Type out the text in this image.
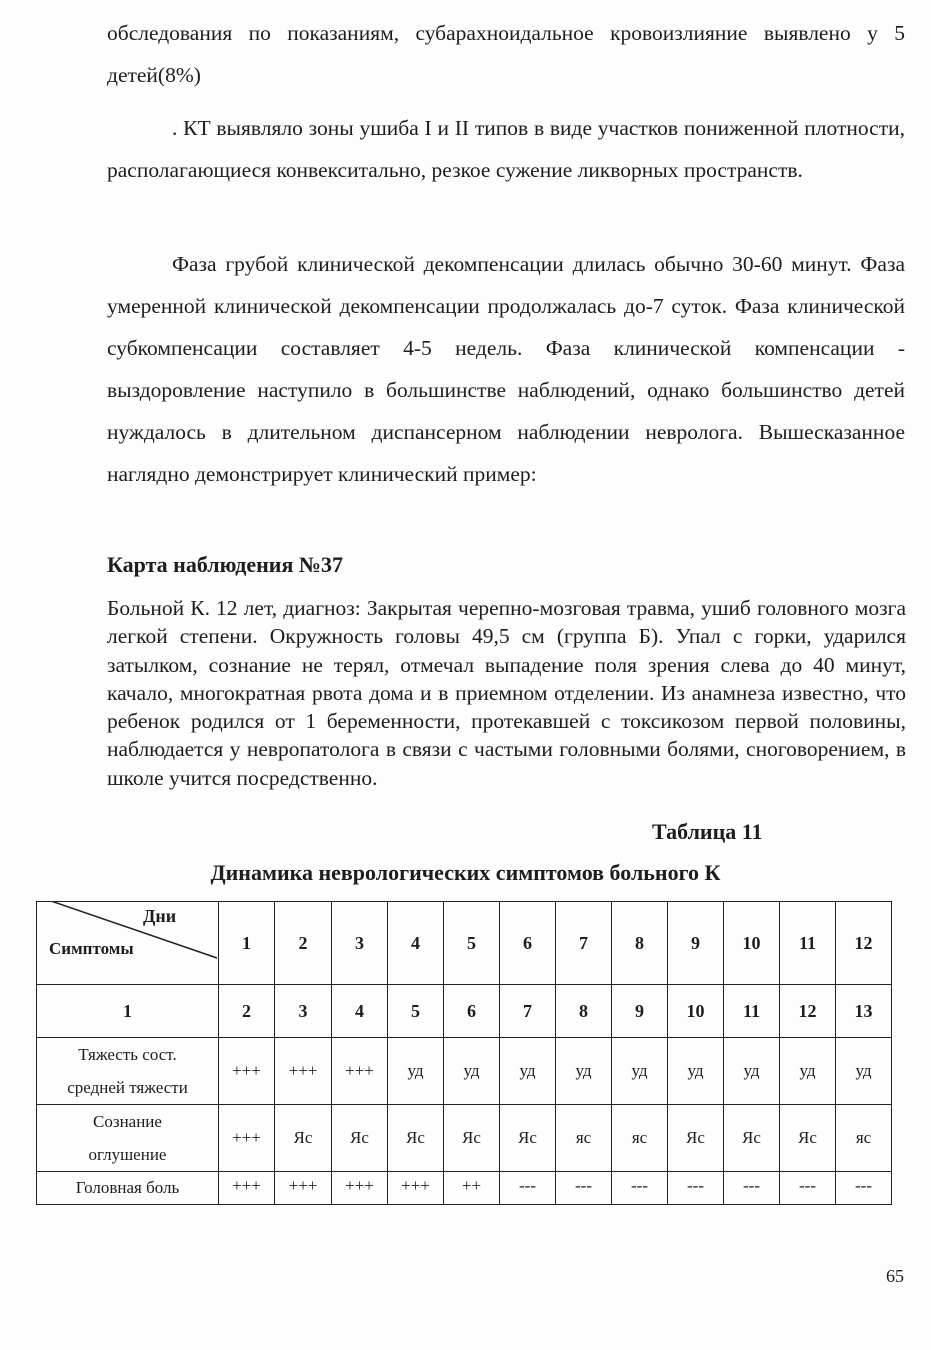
обследования по показаниям, субарахноидальное кровоизлияние выявлено у 5 детей(8%)

. КТ выявляло зоны ушиба I и II типов в виде участков пониженной плотности, располагающиеся конвекситально, резкое сужение ликворных пространств.

Фаза грубой клинической декомпенсации длилась обычно 30-60 минут. Фаза умеренной клинической декомпенсации продолжалась до-7 суток. Фаза клинической субкомпенсации составляет 4-5 недель. Фаза клинической компенсации - выздоровление наступило в большинстве наблюдений, однако большинство детей нуждалось в длительном диспансерном наблюдении невролога. Вышесказанное наглядно демонстрирует клинический пример:

Карта наблюдения №37

Больной К. 12 лет, диагноз: Закрытая черепно-мозговая травма, ушиб головного мозга легкой степени. Окружность головы 49,5 см (группа Б). Упал с горки, ударился затылком, сознание не терял, отмечал выпадение поля зрения слева до 40 минут, качало, многократная рвота дома и в приемном отделении. Из анамнеза известно, что ребенок родился от 1 беременности, протекавшей с токсикозом первой половины, наблюдается у невропатолога в связи с частыми головными болями, сноговорением, в школе учится посредственно.

Таблица 11
Динамика неврологических симптомов больного К
Дни
Симптомы	1	2	3	4	5	6	7	8	9	10	11	12
1	2	3	4	5	6	7	8	9	10	11	12	13

Тяжесть сост.
средней тяжести	+++	+++	+++	уд	уд	уд	уд	уд	уд	уд	уд	уд

Сознание
оглушение	+++	Яс	Яс	Яс	Яс	Яс	яс	яс	Яс	Яс	Яс	яс
Головная боль	+++	+++	+++	+++	++	---	---	---	---	---	---	---
65
